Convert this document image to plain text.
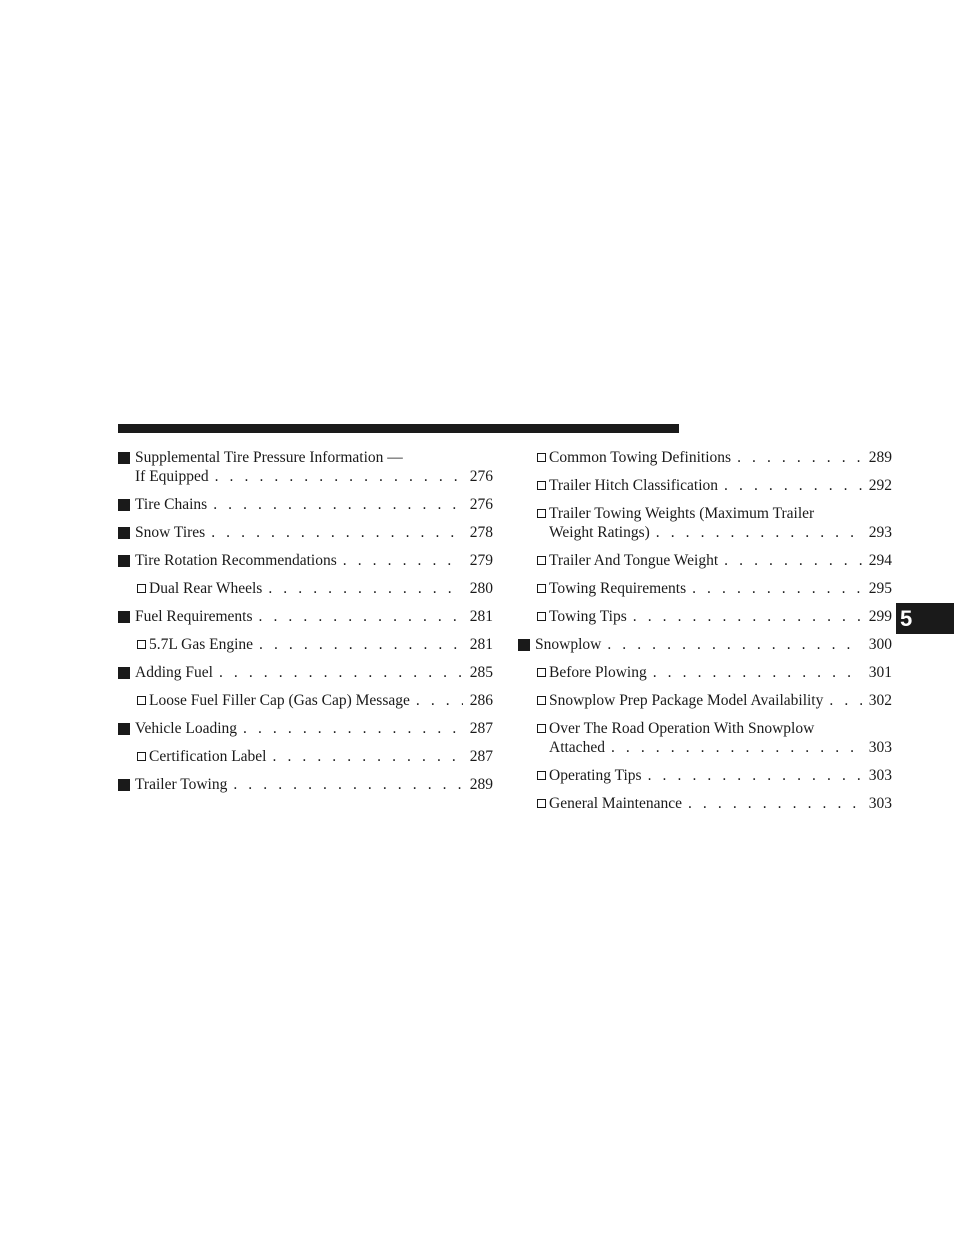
Supplemental Tire Pressure Information —
If Equipped . . .	276
Tire Chains . . .	276
Snow Tires . . .	278
Tire Rotation Recommendations . . .	279
Dual Rear Wheels . . .	280
Fuel Requirements . . .	281
5.7L Gas Engine . . .	281
Adding Fuel . . .	285
Loose Fuel Filler Cap (Gas Cap) Message . . .	286
Vehicle Loading . . .	287
Certification Label . . .	287
Trailer Towing . . .	289
Common Towing Definitions . . .	289
Trailer Hitch Classification . . .	292
Trailer Towing Weights (Maximum Trailer
Weight Ratings) . . .	293
Trailer And Tongue Weight . . .	294
Towing Requirements . . .	295
Towing Tips . . .	299
Snowplow . . .	300
Before Plowing . . .	301
Snowplow Prep Package Model Availability . . .	302
Over The Road Operation With Snowplow
Attached . . .	303
Operating Tips . . .	303
General Maintenance . . .	303
5
